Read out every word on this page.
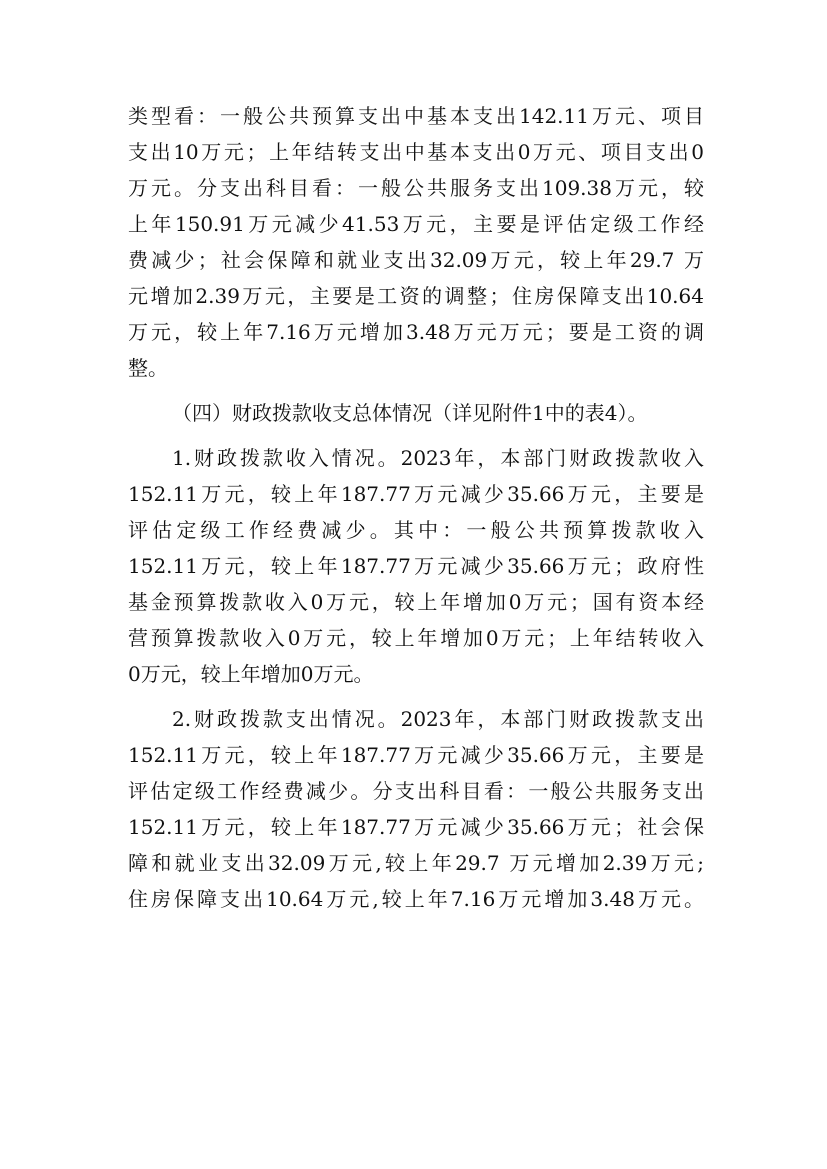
类型看：一般公共预算支出中基本支出142.11万元、项目
支出10万元；上年结转支出中基本支出0万元、项目支出0
万元。分支出科目看：一般公共服务支出109.38万元，较
上年150.91万元减少41.53万元，主要是评估定级工作经
费减少；社会保障和就业支出32.09万元，较上年29.7 万
元增加2.39万元，主要是工资的调整；住房保障支出10.64
万元，较上年7.16万元增加3.48万元万元；要是工资的调
整。
（四）财政拨款收支总体情况（详见附件1中的表4）。
1.财政拨款收入情况。2023年，本部门财政拨款收入
152.11万元，较上年187.77万元减少35.66万元，主要是
评估定级工作经费减少。其中：一般公共预算拨款收入
152.11万元，较上年187.77万元减少35.66万元；政府性
基金预算拨款收入0万元，较上年增加0万元；国有资本经
营预算拨款收入0万元，较上年增加0万元；上年结转收入
0万元，较上年增加0万元。
2.财政拨款支出情况。2023年，本部门财政拨款支出
152.11万元，较上年187.77万元减少35.66万元，主要是
评估定级工作经费减少。分支出科目看：一般公共服务支出
152.11万元，较上年187.77万元减少35.66万元；社会保
障和就业支出32.09万元,较上年29.7 万元增加2.39万元;
住房保障支出10.64万元,较上年7.16万元增加3.48万元。
